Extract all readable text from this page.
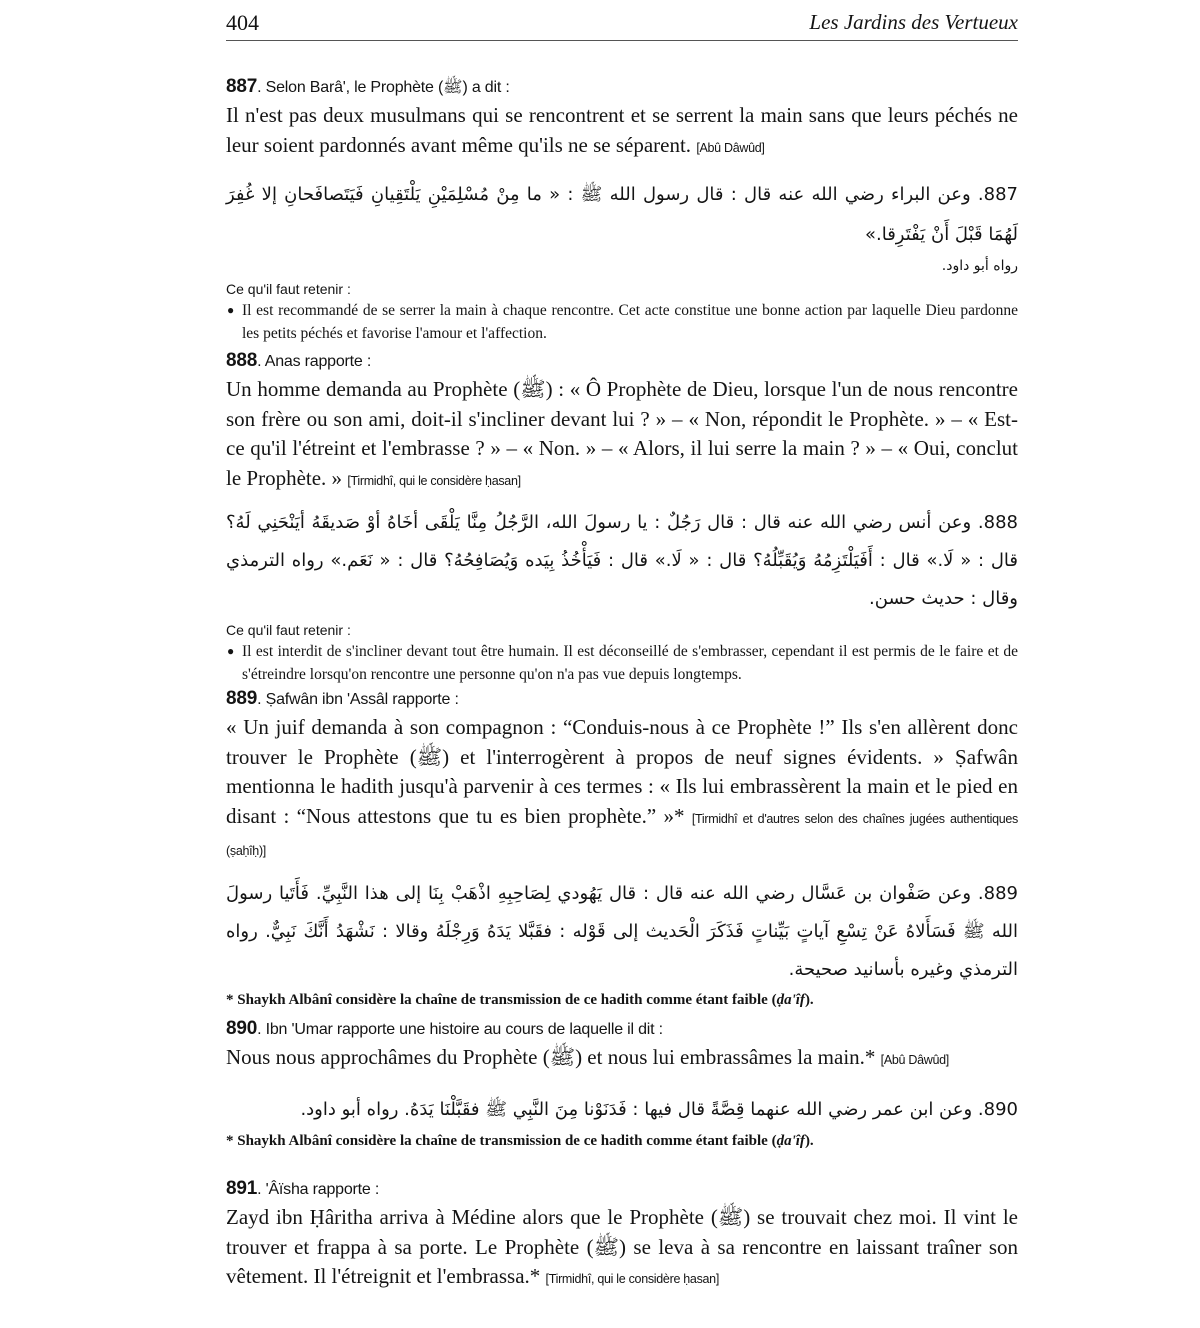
404	Les Jardins des Vertueux
887. Selon Barâ', le Prophète (ﷺ) a dit :
Il n'est pas deux musulmans qui se rencontrent et se serrent la main sans que leurs péchés ne leur soient pardonnés avant même qu'ils ne se séparent. [Abû Dâwûd]
887. وعن البراء رضي الله عنه قال : قال رسول الله ﷺ : « ما مِنْ مُسْلِمَيْنِ يَلْتَقِيانِ فَيَتَصافَحانِ إلا غُفِرَ لَهُمَا قَبْلَ أَنْ يَفْتَرِقا.»
رواه أبو داود.
Ce qu'il faut retenir :
● Il est recommandé de se serrer la main à chaque rencontre. Cet acte constitue une bonne action par laquelle Dieu pardonne les petits péchés et favorise l'amour et l'affection.
888. Anas rapporte :
Un homme demanda au Prophète (ﷺ) : « Ô Prophète de Dieu, lorsque l'un de nous rencontre son frère ou son ami, doit-il s'incliner devant lui ? » – « Non, répondit le Prophète. » – « Est-ce qu'il l'étreint et l'embrasse ? » – « Non. » – « Alors, il lui serre la main ? » – « Oui, conclut le Prophète. » [Tirmidhî, qui le considère ḥasan]
888. وعن أنس رضي الله عنه قال : قال رَجُلٌ : يا رسولَ الله، الرَّجُلُ مِنَّا يَلْقَى أخَاهُ أوْ صَديقَهُ أيَنْحَنِي لَهُ؟ قال : « لَا.» قال : أَفَيَلْتَزِمُهُ وَيُقَبِّلُهُ؟ قال : « لَا.» قال : فَيَأْخُذُ بِيَده وَيُصَافِحُهُ؟ قال : « نَعَم.» رواه الترمذي وقال : حديث حسن.
Ce qu'il faut retenir :
● Il est interdit de s'incliner devant tout être humain. Il est déconseillé de s'embrasser, cependant il est permis de le faire et de s'étreindre lorsqu'on rencontre une personne qu'on n'a pas vue depuis longtemps.
889. Ṣafwân ibn 'Assâl rapporte :
« Un juif demanda à son compagnon : “Conduis-nous à ce Prophète !” Ils s'en allèrent donc trouver le Prophète (ﷺ) et l'interrogèrent à propos de neuf signes évidents. » Ṣafwân mentionna le hadith jusqu'à parvenir à ces termes : « Ils lui embrassèrent la main et le pied en disant : “Nous attestons que tu es bien prophète.” »* [Tirmidhî et d'autres selon des chaînes jugées authentiques (ṣaḥîḥ)]
889. وعن صَفْوان بن عَسَّال رضي الله عنه قال : قال يَهُودي لِصَاحِبِهِ اذْهَبْ بِنَا إلى هذا النَّبِيِّ. فَأَتَيا رسولَ الله ﷺ فَسَأَلاهُ عَنْ تِسْعِ آياتٍ بَيِّناتٍ فَذَكَرَ الْحَديث إلى قَوْله : فقَبَّلا يَدَهُ وَرِجْلَهُ وقالا : نَشْهَدُ أَنَّكَ نَبِيٌّ. رواه الترمذي وغيره بأسانيد صحيحة.
* Shaykh Albânî considère la chaîne de transmission de ce hadith comme étant faible (ḍa'îf).
890. Ibn 'Umar rapporte une histoire au cours de laquelle il dit :
Nous nous approchâmes du Prophète (ﷺ) et nous lui embrassâmes la main.* [Abû Dâwûd]
890. وعن ابن عمر رضي الله عنهما قِصَّةً قال فيها : فَدَنَوْنا مِنَ النَّبِي ﷺ فقَبَّلْنَا يَدَهُ. رواه أبو داود.
* Shaykh Albânî considère la chaîne de transmission de ce hadith comme étant faible (ḍa'îf).
891. 'Âïsha rapporte :
Zayd ibn Ḥâritha arriva à Médine alors que le Prophète (ﷺ) se trouvait chez moi. Il vint le trouver et frappa à sa porte. Le Prophète (ﷺ) se leva à sa rencontre en laissant traîner son vêtement. Il l'étreignit et l'embrassa.* [Tirmidhî, qui le considère ḥasan]
